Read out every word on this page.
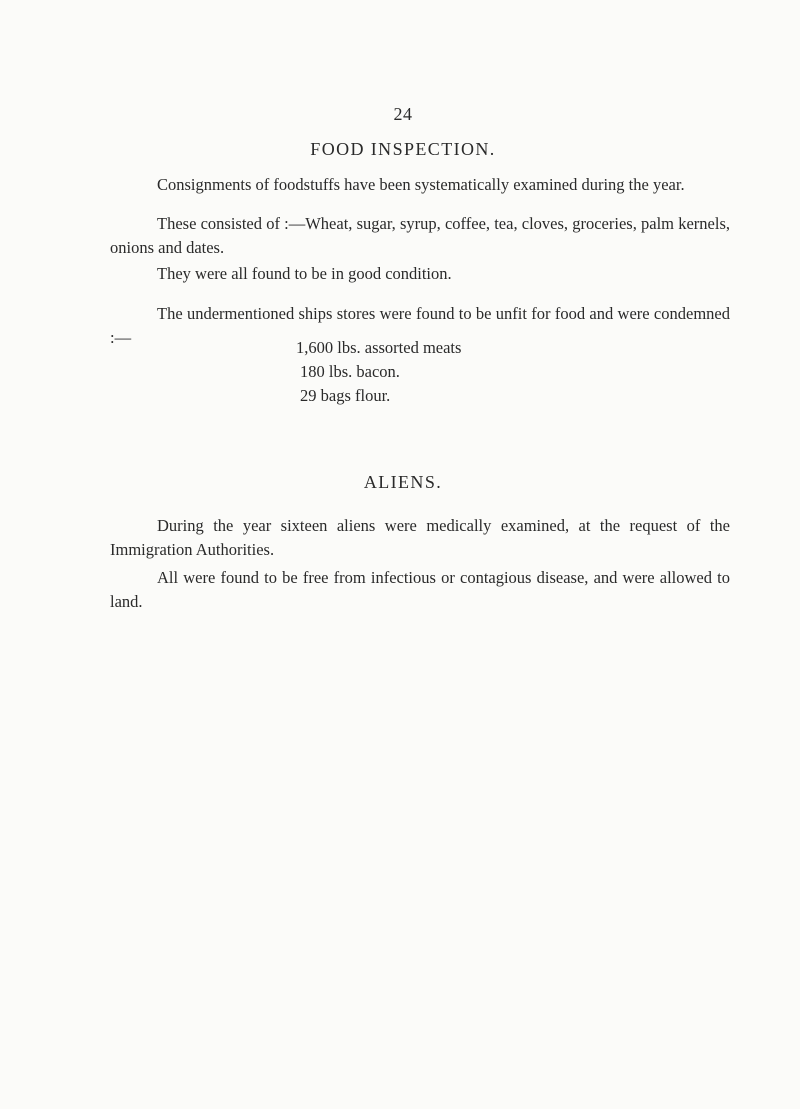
24
FOOD INSPECTION.

Consignments of foodstuffs have been systematically examined during the year.

These consisted of :—Wheat, sugar, syrup, coffee, tea, cloves, groceries, palm kernels, onions and dates.

They were all found to be in good condition.

The undermentioned ships stores were found to be unfit for food and were condemned :—

1,600 lbs. assorted meats
180 lbs. bacon.
29 bags flour.
ALIENS.

During the year sixteen aliens were medically examined, at the request of the Immigration Authorities.

All were found to be free from infectious or contagious disease, and were allowed to land.
